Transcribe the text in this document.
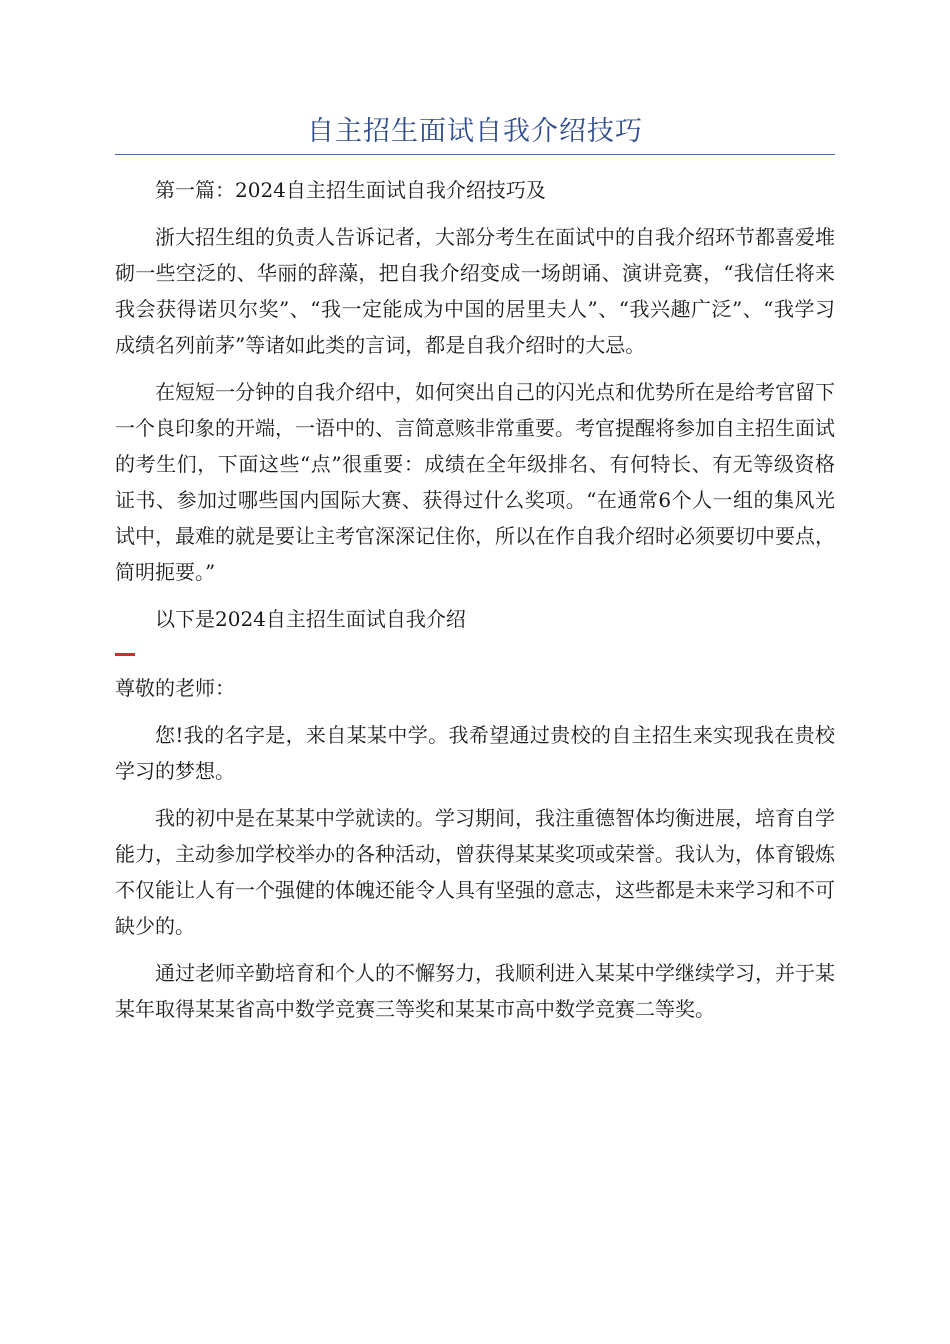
自主招生面试自我介绍技巧

第一篇：2024自主招生面试自我介绍技巧及

浙大招生组的负责人告诉记者，大部分考生在面试中的自我介绍环节都喜爱堆砌一些空泛的、华丽的辞藻，把自我介绍变成一场朗诵、演讲竞赛，“我信任将来我会获得诺贝尔奖”、“我一定能成为中国的居里夫人”、“我兴趣广泛”、“我学习成绩名列前茅”等诸如此类的言词，都是自我介绍时的大忌。

在短短一分钟的自我介绍中，如何突出自己的闪光点和优势所在是给考官留下一个良印象的开端，一语中的、言简意赅非常重要。考官提醒将参加自主招生面试的考生们，下面这些“点”很重要：成绩在全年级排名、有何特长、有无等级资格证书、参加过哪些国内国际大赛、获得过什么奖项。“在通常6个人一组的集风光试中，最难的就是要让主考官深深记住你，所以在作自我介绍时必须要切中要点，简明扼要。”

以下是2024自主招生面试自我介绍

尊敬的老师：

您!我的名字是，来自某某中学。我希望通过贵校的自主招生来实现我在贵校学习的梦想。

我的初中是在某某中学就读的。学习期间，我注重德智体均衡进展，培育自学能力，主动参加学校举办的各种活动，曾获得某某奖项或荣誉。我认为，体育锻炼不仅能让人有一个强健的体魄还能令人具有坚强的意志，这些都是未来学习和不可缺少的。

通过老师辛勤培育和个人的不懈努力，我顺利进入某某中学继续学习，并于某某年取得某某省高中数学竞赛三等奖和某某市高中数学竞赛二等奖。
